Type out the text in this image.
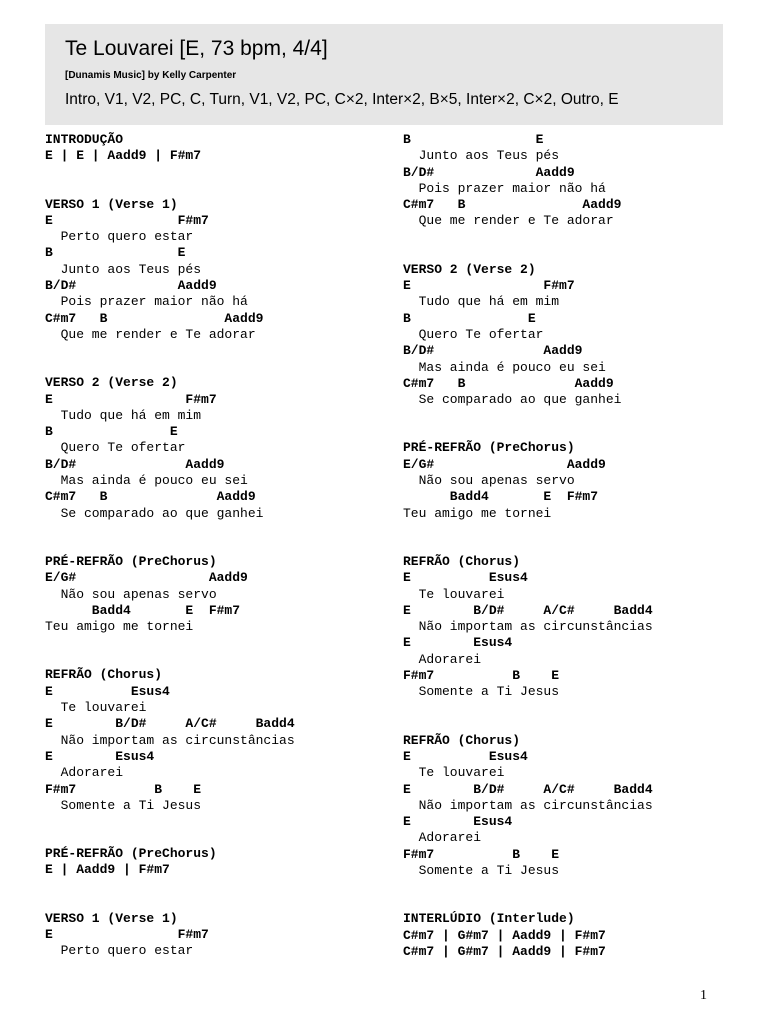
Te Louvarei [E, 73 bpm, 4/4]
[Dunamis Music] by Kelly Carpenter
Intro, V1, V2, PC, C, Turn, V1, V2, PC, C×2, Inter×2, B×5, Inter×2, C×2, Outro, E
INTRODUÇÃO
E | E | Aadd9 | F#m7
VERSO 1 (Verse 1)
E                F#m7
Perto quero estar
B                E
Junto aos Teus pés
B/D#             Aadd9
Pois prazer maior não há
C#m7   B               Aadd9
Que me render e Te adorar
VERSO 2 (Verse 2)
E                 F#m7
Tudo que há em mim
B               E
Quero Te ofertar
B/D#              Aadd9
Mas ainda é pouco eu sei
C#m7   B              Aadd9
Se comparado ao que ganhei
PRÉ-REFRÃO (PreChorus)
E/G#                 Aadd9
Não sou apenas servo
Badd4       E  F#m7
Teu amigo me tornei
REFRÃO (Chorus)
E          Esus4
Te louvarei
E        B/D#     A/C#     Badd4
Não importam as circunstâncias
E        Esus4
Adorarei
F#m7          B    E
Somente a Ti Jesus
PRÉ-REFRÃO (PreChorus)
E | Aadd9 | F#m7
VERSO 1 (Verse 1)
E                F#m7
Perto quero estar
B                E
Junto aos Teus pés
B/D#             Aadd9
Pois prazer maior não há
C#m7   B               Aadd9
Que me render e Te adorar
VERSO 2 (Verse 2)
E                 F#m7
Tudo que há em mim
B               E
Quero Te ofertar
B/D#              Aadd9
Mas ainda é pouco eu sei
C#m7   B              Aadd9
Se comparado ao que ganhei
PRÉ-REFRÃO (PreChorus)
E/G#                 Aadd9
Não sou apenas servo
Badd4       E  F#m7
Teu amigo me tornei
REFRÃO (Chorus)
E          Esus4
Te louvarei
E        B/D#     A/C#     Badd4
Não importam as circunstâncias
E        Esus4
Adorarei
F#m7          B    E
Somente a Ti Jesus
REFRÃO (Chorus)
E          Esus4
Te louvarei
E        B/D#     A/C#     Badd4
Não importam as circunstâncias
E        Esus4
Adorarei
F#m7          B    E
Somente a Ti Jesus
INTERLÚDIO (Interlude)
C#m7 | G#m7 | Aadd9 | F#m7
C#m7 | G#m7 | Aadd9 | F#m7
1
